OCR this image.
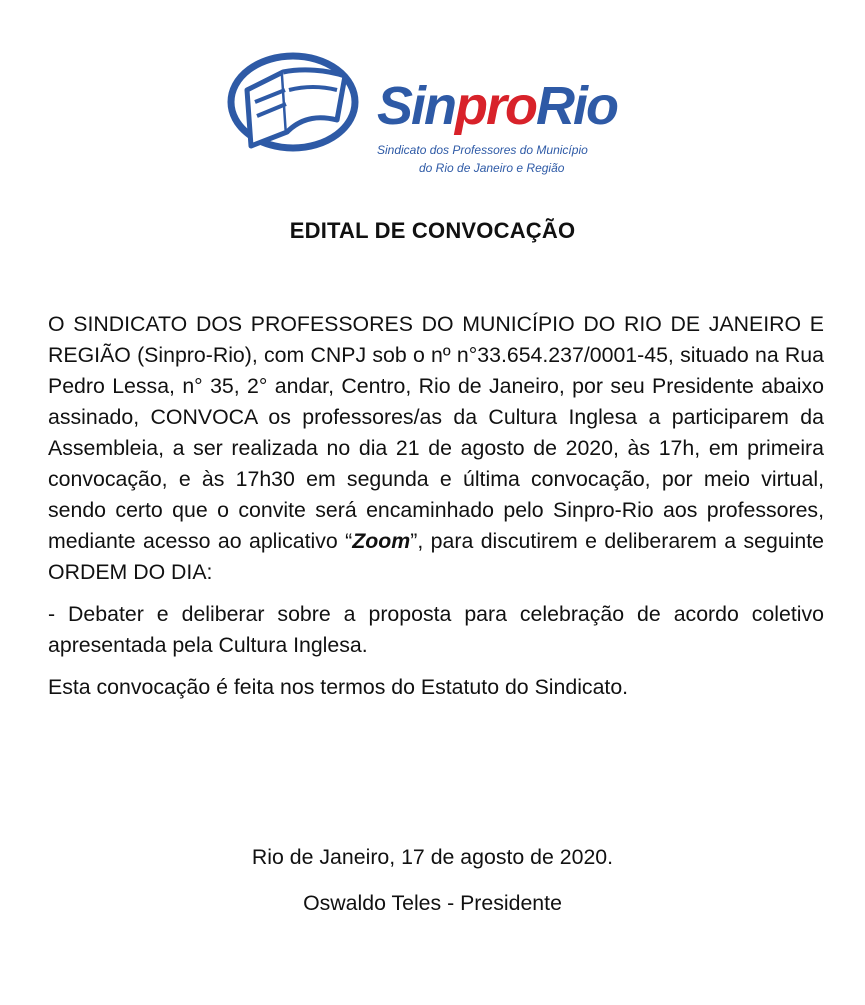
SinproRio
Sindicato dos Professores do Município
do Rio de Janeiro e Região
EDITAL DE CONVOCAÇÃO

O SINDICATO DOS PROFESSORES DO MUNICÍPIO DO RIO DE JANEIRO E REGIÃO (Sinpro-Rio), com CNPJ sob o nº n°33.654.237/0001-45, situado na Rua Pedro Lessa, n° 35, 2° andar, Centro, Rio de Janeiro, por seu Presidente abaixo assinado, CONVOCA os professores/as da Cultura Inglesa a participarem da Assembleia, a ser realizada no dia 21 de agosto de 2020, às 17h, em primeira convocação, e às 17h30 em segunda e última convocação, por meio virtual, sendo certo que o convite será encaminhado pelo Sinpro-Rio aos professores, mediante acesso ao aplicativo “Zoom”, para discutirem e deliberarem a seguinte ORDEM DO DIA:

- Debater e deliberar sobre a proposta para celebração de acordo coletivo apresentada pela Cultura Inglesa.

Esta convocação é feita nos termos do Estatuto do Sindicato.

Rio de Janeiro, 17 de agosto de 2020.
Oswaldo Teles - Presidente
